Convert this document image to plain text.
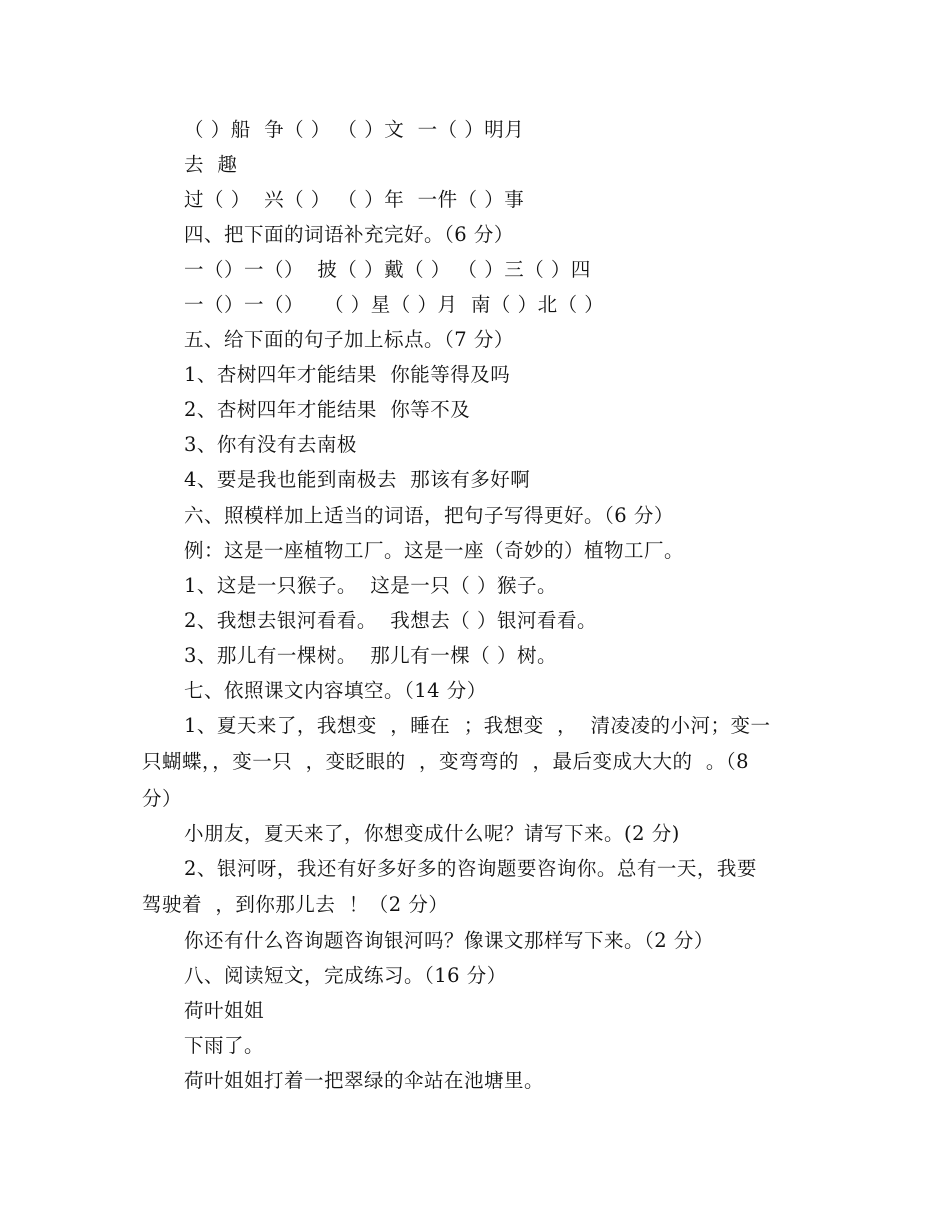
（ ）船  争（ ） （ ）文  一（ ）明月
去  趣
过（ ）  兴（ ） （ ）年  一件（ ）事
四、把下面的词语补充完好。（6 分）
一（）一（）  披（ ）戴（ ） （ ）三（ ）四
一（）一（）   （ ）星（ ）月  南（ ）北（ ）
五、给下面的句子加上标点。（7 分）
1、杏树四年才能结果  你能等得及吗
2、杏树四年才能结果  你等不及
3、你有没有去南极
4、要是我也能到南极去  那该有多好啊
六、照模样加上适当的词语，把句子写得更好。（6 分）
例：这是一座植物工厂。这是一座（奇妙的）植物工厂。
1、这是一只猴子。  这是一只（ ）猴子。
2、我想去银河看看。  我想去（ ）银河看看。
3、那儿有一棵树。  那儿有一棵（ ）树。
七、依照课文内容填空。（14 分）
1、夏天来了，我想变  ，睡在  ；我想变  ，  清凌凌的小河；变一
只蝴蝶，，变一只  ，变眨眼的  ，变弯弯的  ，最后变成大大的  。（8
分）
小朋友，夏天来了，你想变成什么呢？请写下来。(2 分)
2、银河呀，我还有好多好多的咨询题要咨询你。总有一天，我要
驾驶着  ，到你那儿去  ！（2 分）
你还有什么咨询题咨询银河吗？像课文那样写下来。（2 分）
八、阅读短文，完成练习。（16 分）
荷叶姐姐
下雨了。
荷叶姐姐打着一把翠绿的伞站在池塘里。
